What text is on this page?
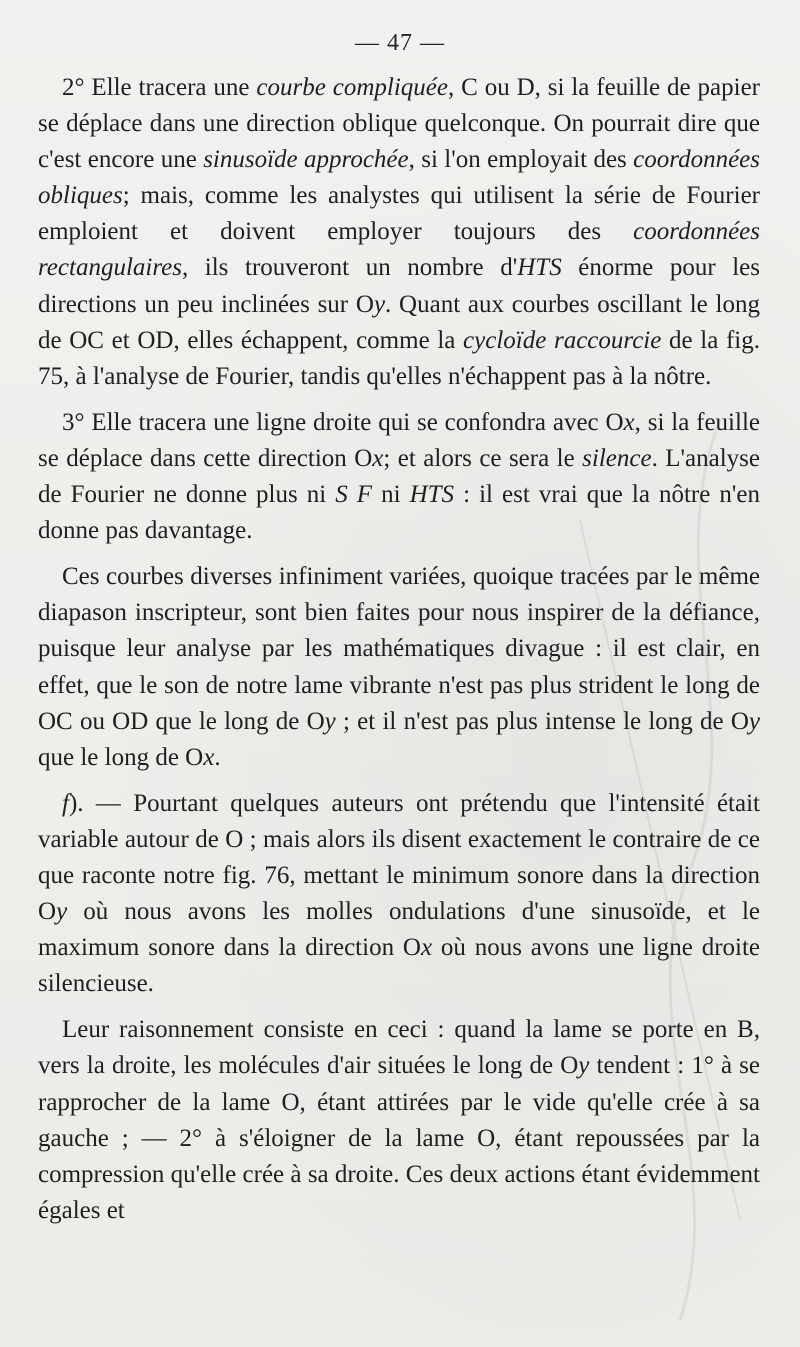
— 47 —

2° Elle tracera une courbe compliquée, C ou D, si la feuille de papier se déplace dans une direction oblique quelconque. On pourrait dire que c'est encore une sinusoïde approchée, si l'on employait des coordonnées obliques; mais, comme les analystes qui utilisent la série de Fourier emploient et doivent employer toujours des coordonnées rectangulaires, ils trouveront un nombre d'HTS énorme pour les directions un peu inclinées sur Oy. Quant aux courbes oscillant le long de OC et OD, elles échappent, comme la cycloïde raccourcie de la fig. 75, à l'analyse de Fourier, tandis qu'elles n'échappent pas à la nôtre.

3° Elle tracera une ligne droite qui se confondra avec Ox, si la feuille se déplace dans cette direction Ox; et alors ce sera le silence. L'analyse de Fourier ne donne plus ni S F ni HTS : il est vrai que la nôtre n'en donne pas davantage.

Ces courbes diverses infiniment variées, quoique tracées par le même diapason inscripteur, sont bien faites pour nous inspirer de la défiance, puisque leur analyse par les mathématiques divague : il est clair, en effet, que le son de notre lame vibrante n'est pas plus strident le long de OC ou OD que le long de Oy ; et il n'est pas plus intense le long de Oy que le long de Ox.

f). — Pourtant quelques auteurs ont prétendu que l'intensité était variable autour de O ; mais alors ils disent exactement le contraire de ce que raconte notre fig. 76, mettant le minimum sonore dans la direction Oy où nous avons les molles ondulations d'une sinusoïde, et le maximum sonore dans la direction Ox où nous avons une ligne droite silencieuse.

Leur raisonnement consiste en ceci : quand la lame se porte en B, vers la droite, les molécules d'air situées le long de Oy tendent : 1° à se rapprocher de la lame O, étant attirées par le vide qu'elle crée à sa gauche ; — 2° à s'éloigner de la lame O, étant repoussées par la compression qu'elle crée à sa droite. Ces deux actions étant évidemment égales et
